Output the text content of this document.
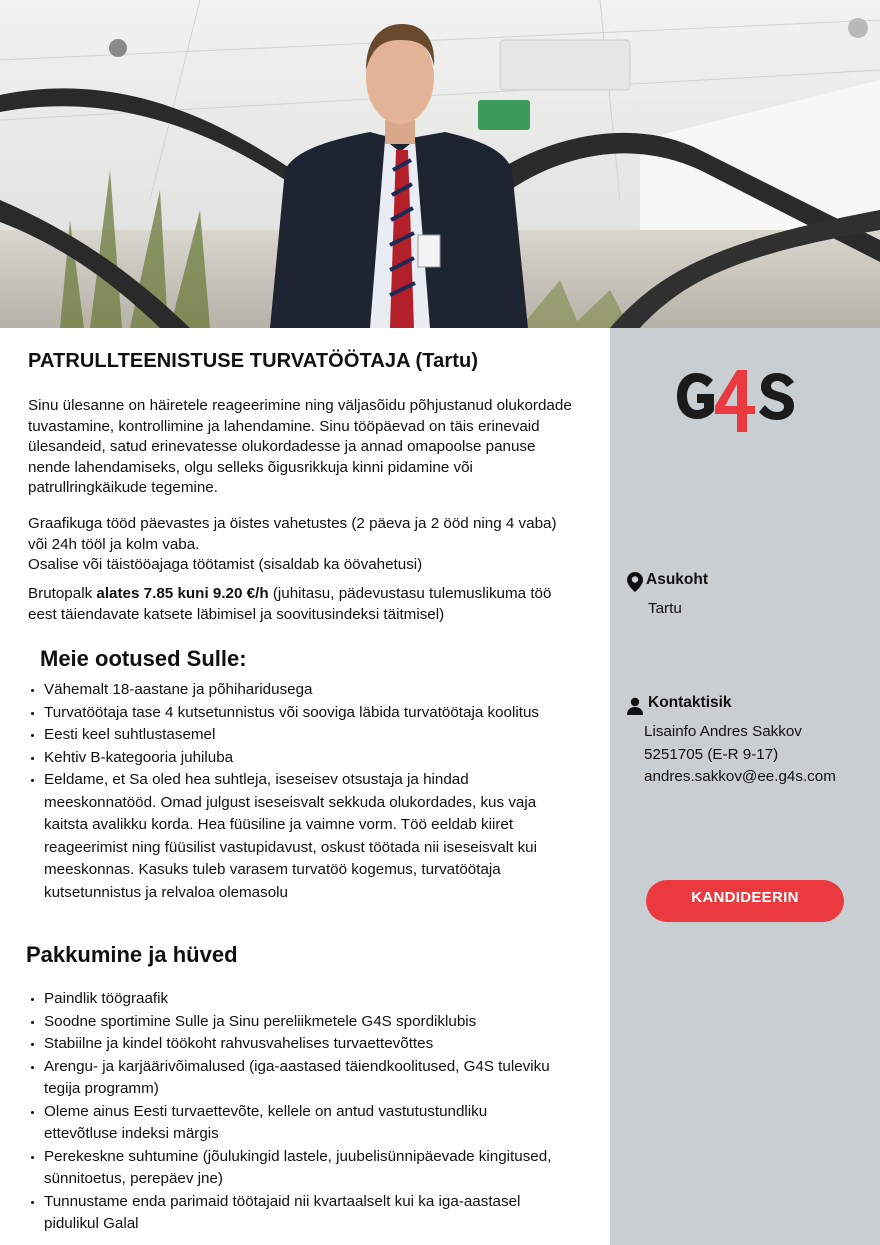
PATRULLTEENISTUSE TURVATÖÖTAJA (Tartu)

Sinu ülesanne on häiretele reageerimine ning väljasõidu põhjustanud olukordade tuvastamine, kontrollimine ja lahendamine. Sinu tööpäevad on täis erinevaid ülesandeid, satud erinevatesse olukordadesse ja annad omapoolse panuse nende lahendamiseks, olgu selleks õigusrikkuja kinni pidamine või patrullringkäikude tegemine.

Graafikuga tööd päevastes ja öistes vahetustes (2 päeva ja 2 ööd ning 4 vaba) või 24h tööl ja kolm vaba.
Osalise või täistööajaga töötamist (sisaldab ka öövahetusi)

Brutopalk alates 7.85 kuni 9.20 €/h (juhitasu, pädevustasu tulemuslikuma töö eest täiendavate katsete läbimisel ja soovitusindeksi täitmisel)

Meie ootused Sulle:
Vähemalt 18-aastane ja põhiharidusega
Turvatöötaja tase 4 kutsetunnistus või sooviga läbida turvatöötaja koolitus
Eesti keel suhtlustasemel
Kehtiv B-kategooria juhiluba
Eeldame, et Sa oled hea suhtleja, iseseisev otsustaja ja hindad meeskonnatööd. Omad julgust iseseisvalt sekkuda olukordades, kus vaja kaitsta avalikku korda. Hea füüsiline ja vaimne vorm. Töö eeldab kiiret reageerimist ning füüsilist vastupidavust, oskust töötada nii iseseisvalt kui meeskonnas. Kasuks tuleb varasem turvatöö kogemus, turvatöötaja kutsetunnistus ja relvaloa olemasolu
Pakkumine ja hüved
Paindlik töögraafik
Soodne sportimine Sulle ja Sinu pereliikmetele G4S spordiklubis
Stabiilne ja kindel töökoht rahvusvahelises turvaettevõttes
Arengu- ja karjäärivõimalused (iga-aastased täiendkoolitused, G4S tuleviku tegija programm)
Oleme ainus Eesti turvaettevõte, kellele on antud vastutustundliku ettevõtluse indeksi märgis
Perekeskne suhtumine (jõulukingid lastele, juubelisünnipäevade kingitused, sünnitoetus, perepäev jne)
Tunnustame enda parimaid töötajaid nii kvartaalselt kui ka iga-aastasel pidulikul Galal
Asukoht
Tartu
Kontaktisik
Lisainfo Andres Sakkov
5251705 (E-R 9-17)
andres.sakkov@ee.g4s.com
KANDIDEERIN
